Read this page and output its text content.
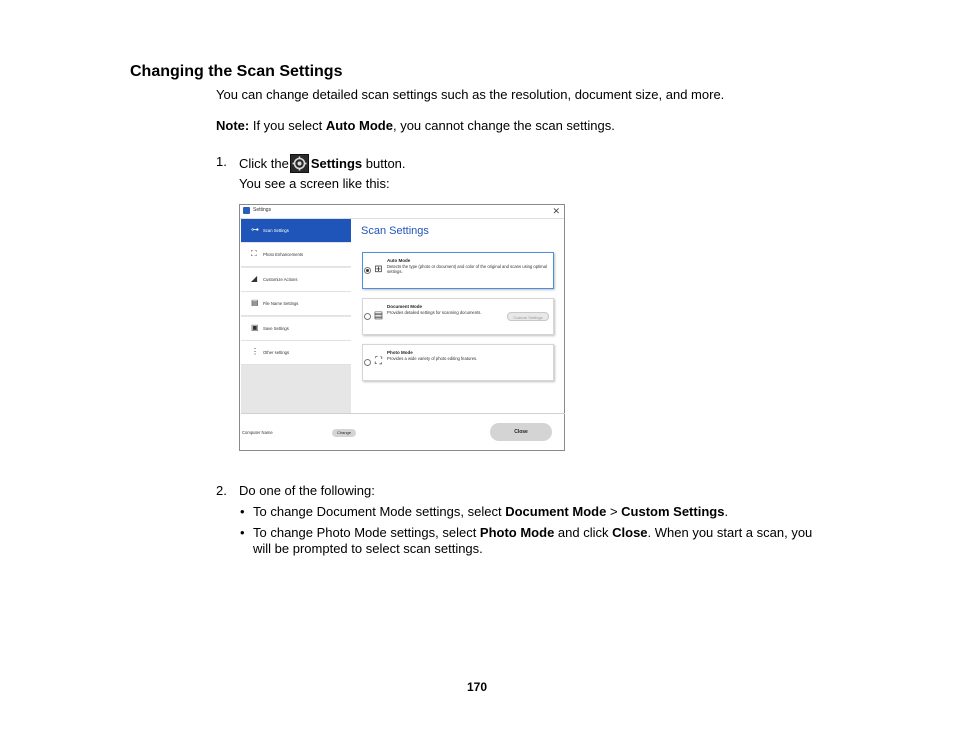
Changing the Scan Settings
You can change detailed scan settings such as the resolution, document size, and more.
Note: If you select Auto Mode, you cannot change the scan settings.
1. Click the Settings button.
You see a screen like this:
Settings	✕
⊶ Scan Settings
⛶ Photo Enhancements
◢ Customize Actions
▤ File Name Settings
▣ Save Settings
⋮ Other settings
Scan Settings
⊞
Auto Mode
Detects the type (photo or document) and color of the original and scans using optimal settings.
▤
Document Mode
Provides detailed settings for scanning documents.
Custom Settings
⛶
Photo Mode
Provides a wide variety of photo editing features.
Computer Name	Change	Close
2. Do one of the following:
• To change Document Mode settings, select Document Mode > Custom Settings.
• To change Photo Mode settings, select Photo Mode and click Close. When you start a scan, you
will be prompted to select scan settings.
170
